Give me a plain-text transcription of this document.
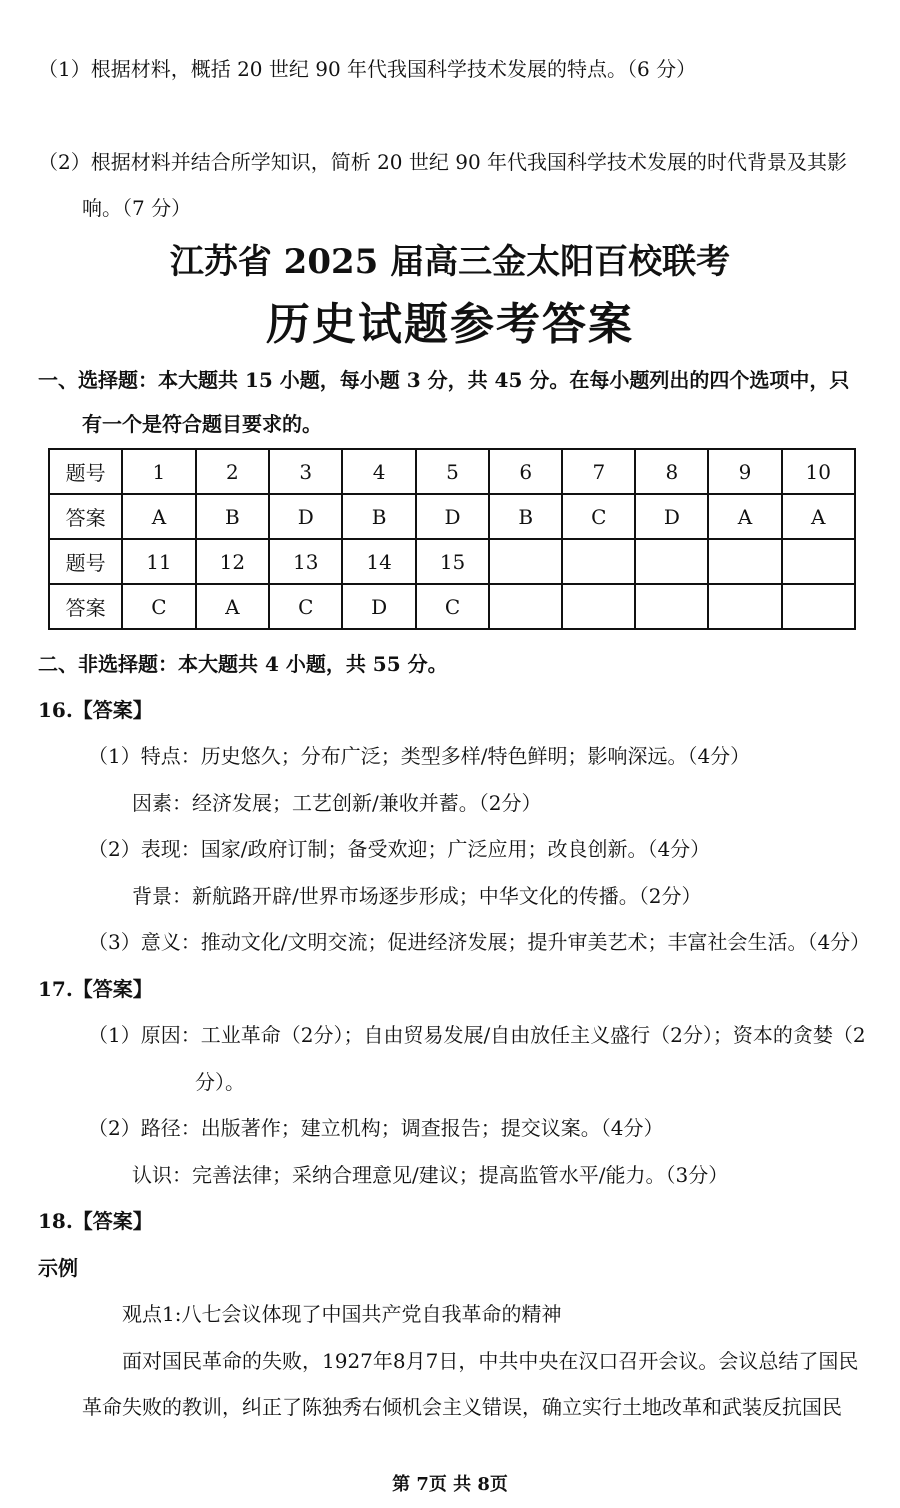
（1）根据材料，概括 20 世纪 90 年代我国科学技术发展的特点。（6 分）
（2）根据材料并结合所学知识，简析 20 世纪 90 年代我国科学技术发展的时代背景及其影
响。（7 分）
江苏省 2025 届高三金太阳百校联考
历史试题参考答案
一、选择题：本大题共 15 小题，每小题 3 分，共 45 分。在每小题列出的四个选项中，只
有一个是符合题目要求的。
题号	1	2	3	4	5	6	7	8	9	10
答案	A	B	D	B	D	B	C	D	A	A
题号	11	12	13	14	15					
答案	C	A	C	D	C					
二、非选择题：本大题共 4 小题，共 55 分。
16.【答案】
（1）特点：历史悠久；分布广泛；类型多样/特色鲜明；影响深远。（4分）
因素：经济发展；工艺创新/兼收并蓄。（2分）
（2）表现：国家/政府订制；备受欢迎；广泛应用；改良创新。（4分）
背景：新航路开辟/世界市场逐步形成；中华文化的传播。（2分）
（3）意义：推动文化/文明交流；促进经济发展；提升审美艺术；丰富社会生活。（4分）
17.【答案】
（1）原因：工业革命（2分）；自由贸易发展/自由放任主义盛行（2分）；资本的贪婪（2
分）。
（2）路径：出版著作；建立机构；调查报告；提交议案。（4分）
认识：完善法律；采纳合理意见/建议；提高监管水平/能力。（3分）
18.【答案】
示例
观点1:八七会议体现了中国共产党自我革命的精神
面对国民革命的失败，1927年8月7日，中共中央在汉口召开会议。会议总结了国民
革命失败的教训，纠正了陈独秀右倾机会主义错误，确立实行土地改革和武装反抗国民
第 7页 共 8页
